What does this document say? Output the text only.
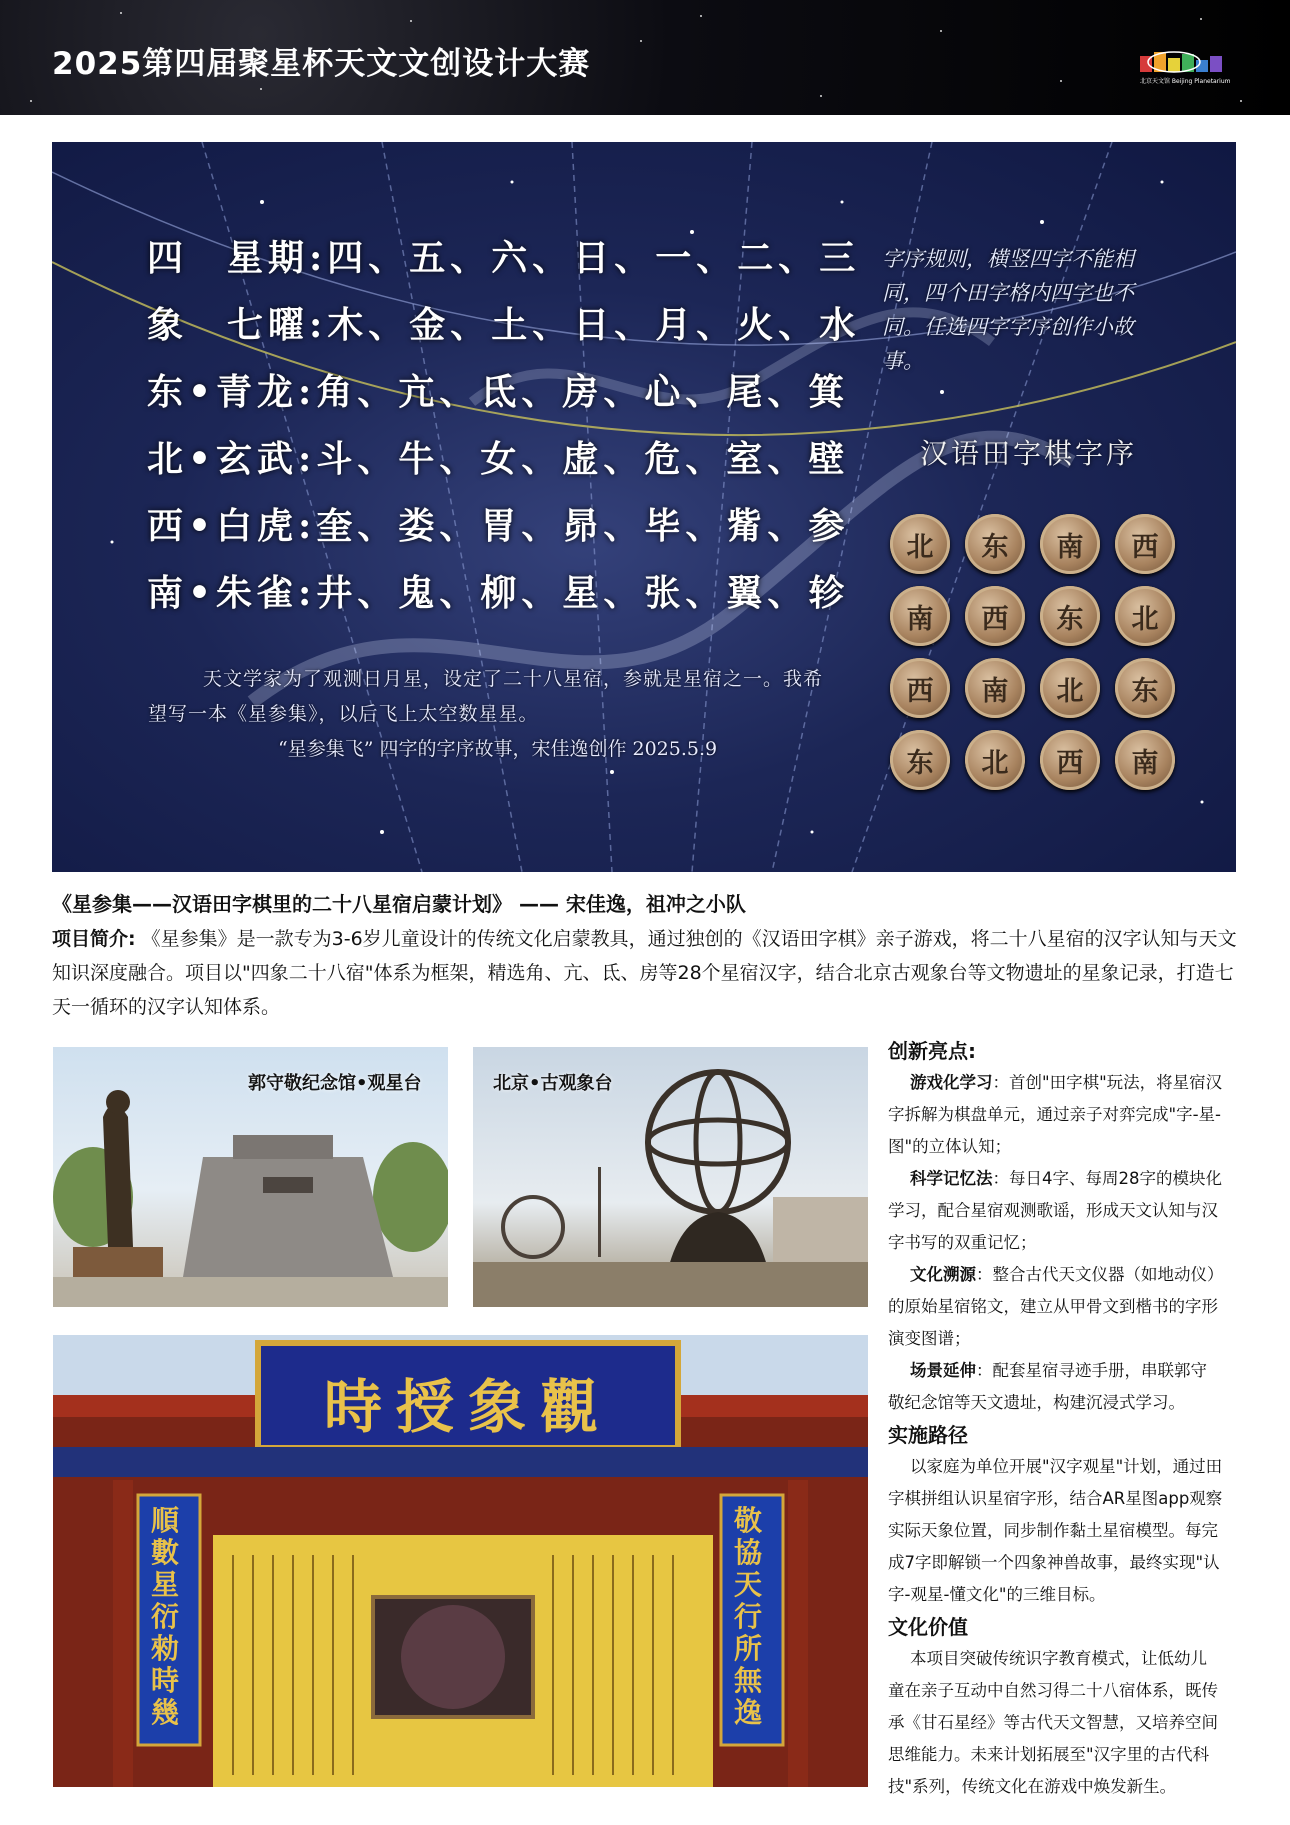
2025第四届聚星杯天文文创设计大赛	北京天文馆 Beijing Planetarium
四 星期:四、五、六、日、一、二、三
象 七曜:木、金、土、日、月、火、水
东•青龙:角、亢、氐、房、心、尾、箕
北•玄武:斗、牛、女、虚、危、室、壁
西•白虎:奎、娄、胃、昴、毕、觜、参
南•朱雀:井、鬼、柳、星、张、翼、轸
字序规则，横竖四字不能相同，四个田字格内四字也不同。任选四字字序创作小故事。
汉语田字棋字序
北	东	南	西
南	西	东	北
西	南	北	东
东	北	西	南
天文学家为了观测日月星，设定了二十八星宿，参就是星宿之一。我希望写一本《星参集》，以后飞上太空数星星。
“星参集飞” 四字的字序故事，宋佳逸创作 2025.5.9
《星参集——汉语田字棋里的二十八星宿启蒙计划》 —— 宋佳逸，祖冲之小队
项目简介: 《星参集》是一款专为3-6岁儿童设计的传统文化启蒙教具，通过独创的《汉语田字棋》亲子游戏，将二十八星宿的汉字认知与天文知识深度融合。项目以"四象二十八宿"体系为框架，精选角、亢、氐、房等28个星宿汉字，结合北京古观象台等文物遗址的星象记录，打造七天一循环的汉字认知体系。
郭守敬纪念馆•观星台	北京•古观象台
時授象觀
順數星衍勑時幾
敬協天行所無逸
创新亮点:

游戏化学习：首创"田字棋"玩法，将星宿汉字拆解为棋盘单元，通过亲子对弈完成"字-星-图"的立体认知；

科学记忆法：每日4字、每周28字的模块化学习，配合星宿观测歌谣，形成天文认知与汉字书写的双重记忆；

文化溯源：整合古代天文仪器（如地动仪）的原始星宿铭文，建立从甲骨文到楷书的字形演变图谱；

场景延伸：配套星宿寻迹手册，串联郭守敬纪念馆等天文遗址，构建沉浸式学习。

实施路径

以家庭为单位开展"汉字观星"计划，通过田字棋拼组认识星宿字形，结合AR星图app观察实际天象位置，同步制作黏土星宿模型。每完成7字即解锁一个四象神兽故事，最终实现"认字-观星-懂文化"的三维目标。

文化价值

本项目突破传统识字教育模式，让低幼儿童在亲子互动中自然习得二十八宿体系，既传承《甘石星经》等古代天文智慧，又培养空间思维能力。未来计划拓展至"汉字里的古代科技"系列，传统文化在游戏中焕发新生。
